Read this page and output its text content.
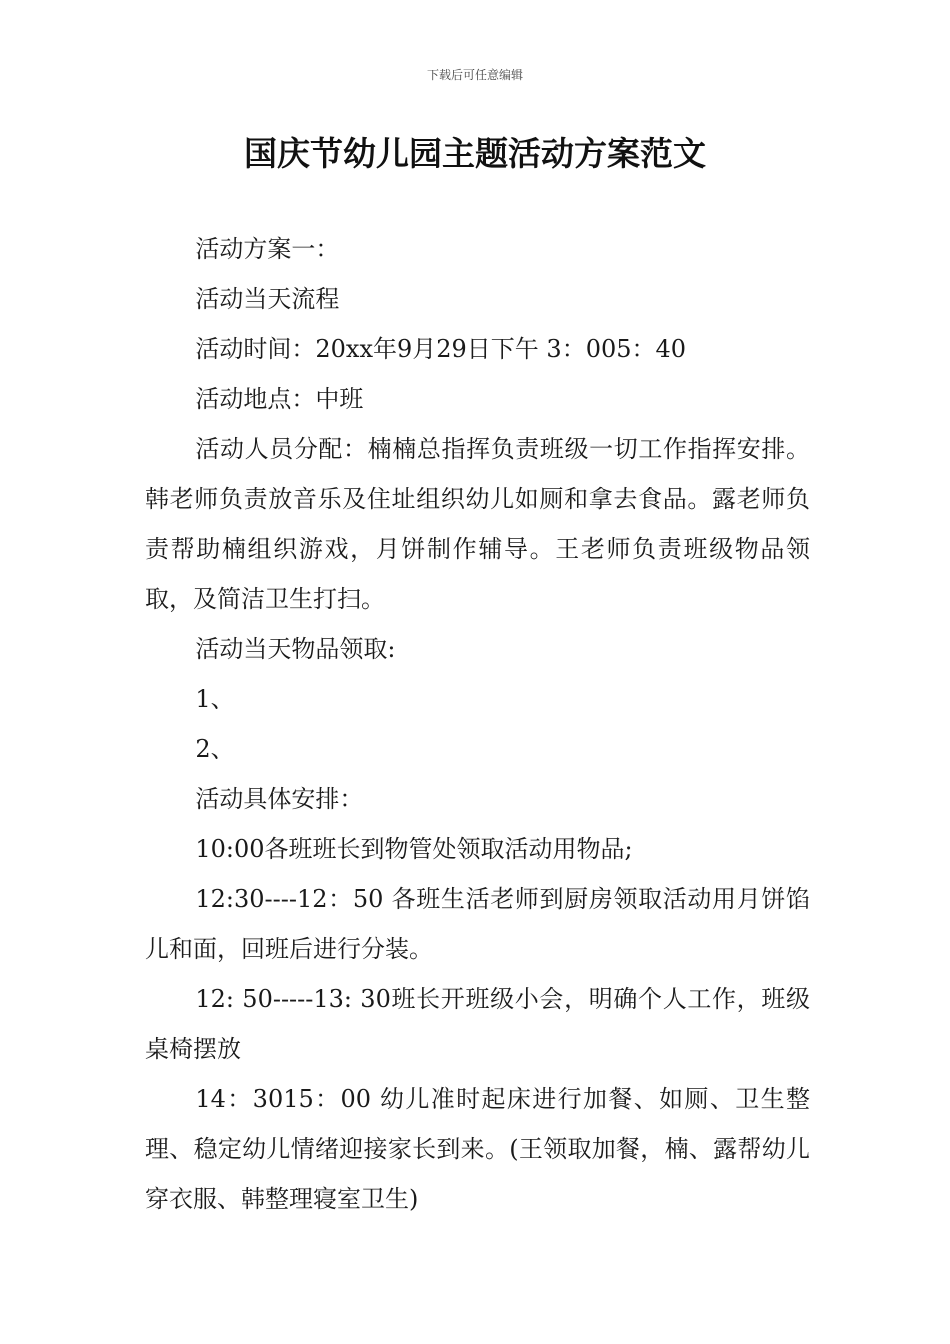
下载后可任意编辑
国庆节幼儿园主题活动方案范文

活动方案一：

活动当天流程

活动时间：20xx年9月29日下午 3：005：40

活动地点：中班

活动人员分配：楠楠总指挥负责班级一切工作指挥安排。韩老师负责放音乐及住址组织幼儿如厕和拿去食品。露老师负责帮助楠组织游戏，月饼制作辅导。王老师负责班级物品领取，及简洁卫生打扫。

活动当天物品领取:

1、

2、

活动具体安排：

10:00各班班长到物管处领取活动用物品;

12:30----12：50 各班生活老师到厨房领取活动用月饼馅儿和面，回班后进行分装。

12: 50-----13: 30班长开班级小会，明确个人工作，班级桌椅摆放

14：3015：00 幼儿准时起床进行加餐、如厕、卫生整理、稳定幼儿情绪迎接家长到来。(王领取加餐，楠、露帮幼儿穿衣服、韩整理寝室卫生)
